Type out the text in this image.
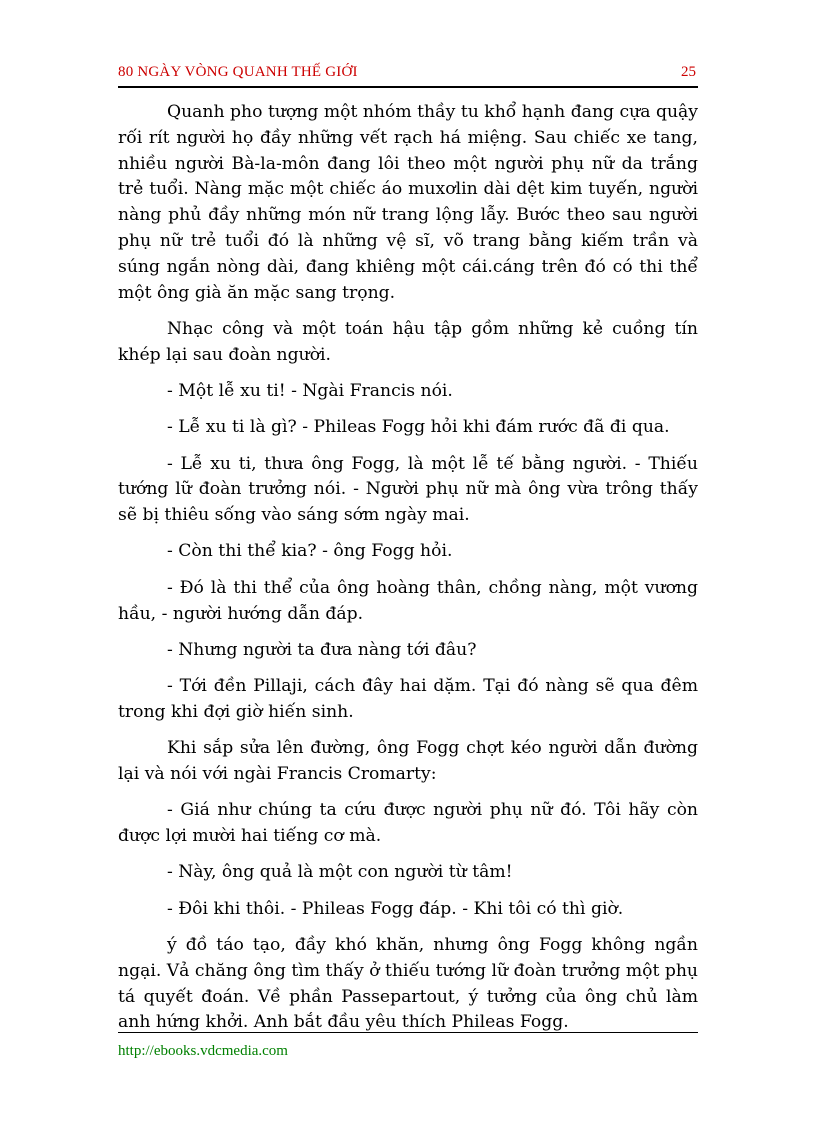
80 NGÀY VÒNG QUANH THẾ GIỚI	25

Quanh pho tượng một nhóm thầy tu khổ hạnh đang cựa quậy rối rít người họ đầy những vết rạch há miệng. Sau chiếc xe tang, nhiều người Bà-la-môn đang lôi theo một người phụ nữ da trắng trẻ tuổi. Nàng mặc một chiếc áo muxơlin dài dệt kim tuyến, người nàng phủ đầy những món nữ trang lộng lẫy. Bước theo sau người phụ nữ trẻ tuổi đó là những vệ sĩ, võ trang bằng kiếm trần và súng ngắn nòng dài, đang khiêng một cái.cáng trên đó có thi thể một ông già ăn mặc sang trọng.

Nhạc công và một toán hậu tập gồm những kẻ cuồng tín khép lại sau đoàn người.

- Một lễ xu ti! - Ngài Francis nói.

- Lễ xu ti là gì? - Phileas Fogg hỏi khi đám rước đã đi qua.

- Lễ xu ti, thưa ông Fogg, là một lễ tế bằng người. - Thiếu tướng lữ đoàn trưởng nói. - Người phụ nữ mà ông vừa trông thấy sẽ bị thiêu sống vào sáng sớm ngày mai.

- Còn thi thể kia? - ông Fogg hỏi.

- Đó là thi thể của ông hoàng thân, chồng nàng, một vương hầu, - người hướng dẫn đáp.

- Nhưng người ta đưa nàng tới đâu?

- Tới đền Pillaji, cách đây hai dặm. Tại đó nàng sẽ qua đêm trong khi đợi giờ hiến sinh.

Khi sắp sửa lên đường, ông Fogg chợt kéo người dẫn đường lại và nói với ngài Francis Cromarty:

- Giá như chúng ta cứu được người phụ nữ đó. Tôi hãy còn được lợi mười hai tiếng cơ mà.

- Này, ông quả là một con người từ tâm!

- Đôi khi thôi. - Phileas Fogg đáp. - Khi tôi có thì giờ.

ý đồ táo tạo, đầy khó khăn, nhưng ông Fogg không ngần ngại. Vả chăng ông tìm thấy ở thiếu tướng lữ đoàn trưởng một phụ tá quyết đoán. Về phần Passepartout, ý tưởng của ông chủ làm anh hứng khởi. Anh bắt đầu yêu thích Phileas Fogg.

http://ebooks.vdcmedia.com
